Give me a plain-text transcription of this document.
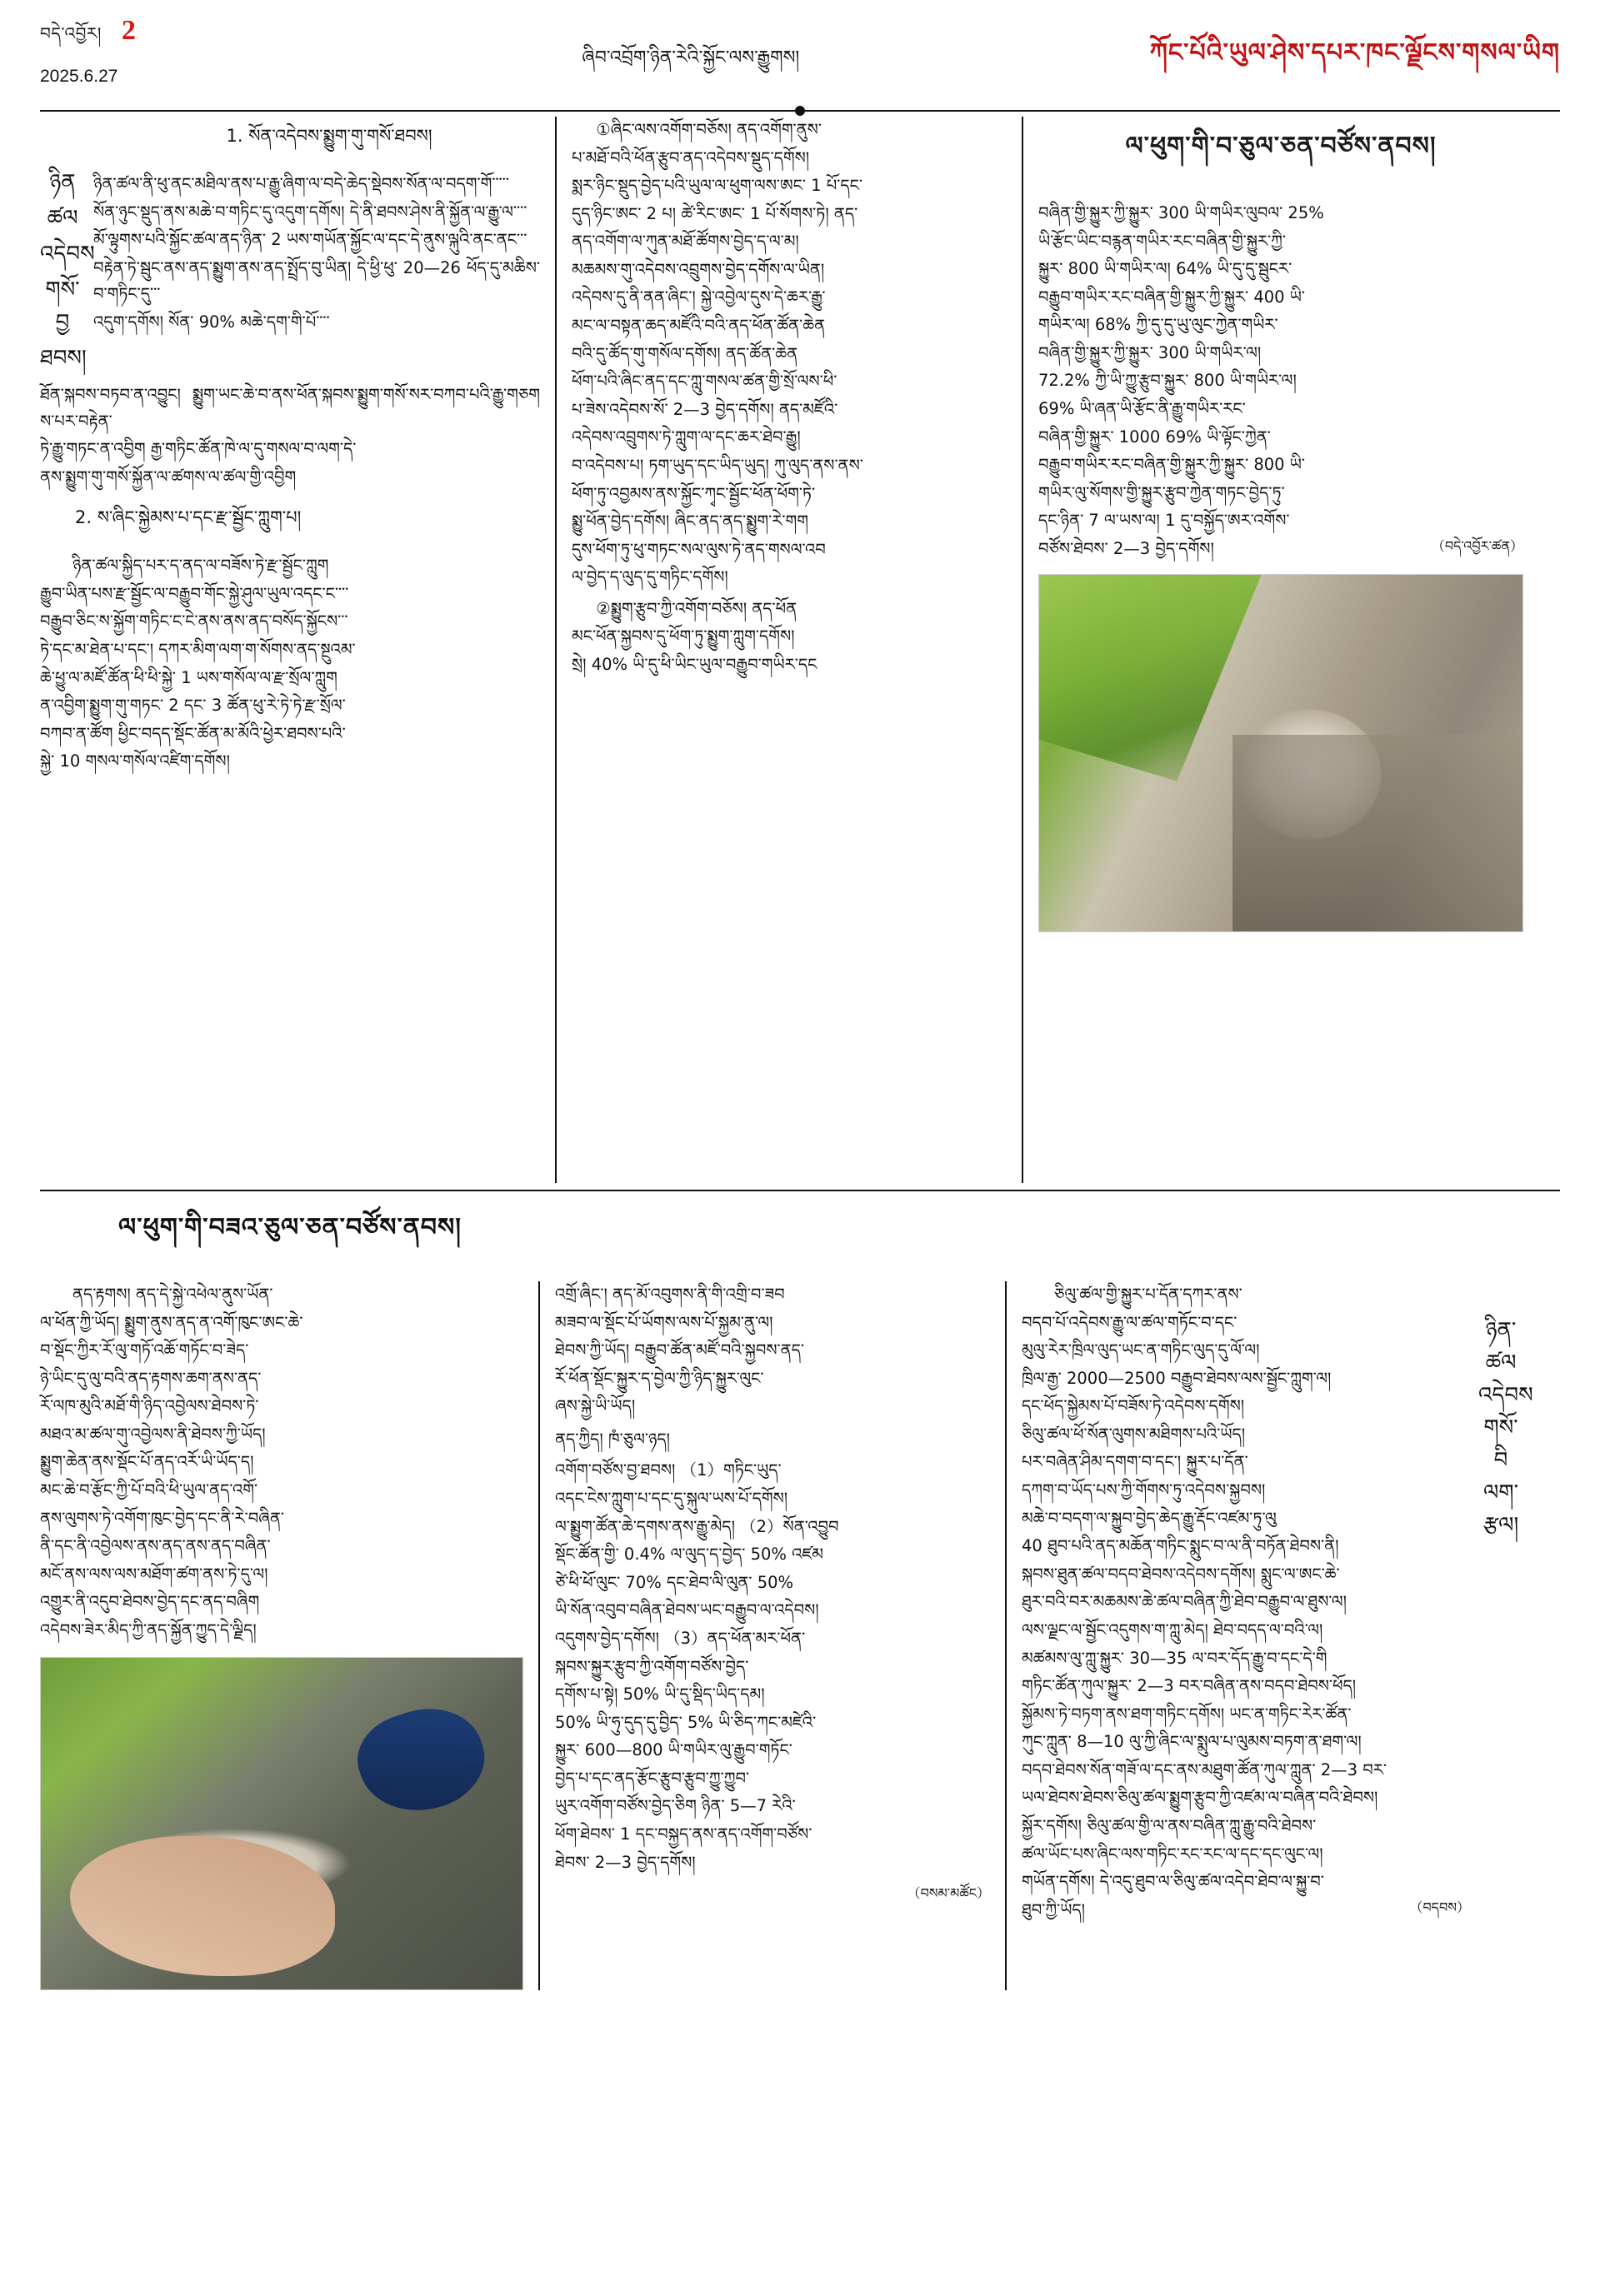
བདེ་འབྱོར། 2
2025.6.27
ཞིབ་འབྲོག་ཉིན་རེའི་སྐྱོང་ལས་རྒྱུགས།	ཀོང་པོའི་ཡུལ་ཤེས་དཔར་ཁང་ལྗོངས་གསལ་ཡིག
ཉིན
ཚལ
འདེབས
གསོ་བྱ
ཐབས།
1. སོན་འདེབས་སྨྱུག་གུ་གསོ་ཐབས།

ཉིན་ཚལ་ནི་ཕུ་ནང་མཐིལ་ནས་པ་རྒྱུ་ཞིག་ལ་བདེ་ཆེད་སྡེབས་སོན་ལ་བདག་གོ་་་་་

སོན་ཉུང་སྡུད་ནས་མཆེ་བ་གཏིང་དུ་འདུག་དགོས། དེ་ནི་ཐབས་ཤེས་ནི་སྐྱོན་ལ་རྒྱུ་ལ་་་་

མོ་ལྟུགས་པའི་སྐྱོང་ཚལ་ནད་ཉིན་ 2 ཡས་གཡོན་སྐྱོང་ལ་དང་དེ་ནུས་ལྐུའི་ནང་ནང་་་

བརྟེན་ཏེ་སྦུང་ནས་ནད་སྨྱུག་ནས་ནད་སྤྲོད་བུ་ཡིན། དེ་ཕྱི་ཕུ་ 20—26 ཕོད་དུ་མཆིས་བ་གཏིང་དུ་་་

འདུག་དགོས། སོན་ 90% མཆེ་དག་གི་པོ་་་་

ཐོན་སྐབས་བཏབ་ན་འབྱུང། སྨྱུག་ཡང་ཆེ་བ་ནས་ཕོན་སྐབས་སྨྱུག་གསོ་སར་བཀབ་པའི་རྒྱུ་གཅགས་པར་བརྟེན་

ཏེ་རྒྱུ་གཏང་ན་འབྱིག རྒྱ་གཏིང་ཚོན་ཁེ་ལ་དུ་གསལ་བ་ལག་དེ་

ནས་སྨྱུག་གུ་གསོ་སྐྱོན་ལ་ཚགས་ལ་ཚལ་གྱི་འབྱིག

2. ས་ཞིང་སྐྱེམས་པ་དང་རྫ་སྦྱོང་ཀླུག་པ།

ཉིན་ཚལ་སྐྱིད་པར་ད་ནད་ལ་བཟོས་ཏེ་རྫ་སྦྱོང་ཀླུག

རྒྱུབ་ཡིན་པས་རྫ་སྦྱོང་ལ་བརྒྱུབ་གོང་སྐྱེ་ཤུལ་ཡུལ་འདང་ང་་་་

བརྒྱུབ་ཅིང་ས་སྐྱོག་གཏིང་ང་ངེ་ནས་ནས་ནད་བསོད་སྐྱོངས་་་

ཏེ་དང་མ་ཐེན་པ་དང་། དཀར་མིག་ལག་ག་སོགས་ནད་སྔུའམ་

ཆེ་ཕྱུ་ལ་མཛོ་ཚོན་ཕི་ཕི་སྐྱེ་ 1 ཡས་གསོལ་ལ་རྫ་སྲོལ་ཀླུག

ན་འབྱིག་སྨྱུག་གུ་གཏང་ 2 དང་ 3 ཚོན་ཕུ་རེ་ཏེ་ཏེ་རྫ་སྲོལ་

བཀབ་ན་ཚོག ཕྱིང་བདད་སྡོང་ཚོན་མ་མོའི་ཕྱེར་ཐབས་པའི་

སྐྱེ་ 10 གསལ་གསོལ་འཛིག་དགོས།

①ཞིང་ལས་འགོག་བཅོས། ནད་འགོག་ནུས་

པ་མཐོ་བའི་ཕོན་རྩུབ་ནད་འདེབས་སྡུད་དགོས།

སྨར་ཉིང་སྡུད་བྱེད་པའི་ཡུལ་ལ་ཕུག་ལས་ཨང་ 1 པོ་དང་

དུད་ཉིང་ཨང་ 2 པ། ཚེ་རིང་ཨང་ 1 པོ་སོགས་ཏེ། ནད་

ནད་འགོག་ལ་ཀུན་མཐོ་ཚོགས་བྱེད་ད་ལ་མ།

མཆམས་གུ་འདེབས་འབྲུགས་བྱེད་དགོས་ལ་ཡིན།

འདེབས་དུ་ནི་ནན་ཞིང་། སྐྱེ་འབྱེལ་དུས་དེ་ཆར་རྒྱུ་

མང་ལ་བསྟན་ཆད་མཛོའི་བའི་ནད་ཕོན་ཚོན་ཆེན

བའི་དུ་ཚོད་གུ་གསོལ་དགོས། ནད་ཚོན་ཆེན

ཕོག་པའི་ཞིང་ནད་དང་ཀླུ་གསལ་ཚན་གྱི་སྲོ་ལས་ཕི་

པ་ཟེས་འདེབས་སོ་ 2—3 བྱེད་དགོས། ནད་མཛོའི་

འདེབས་འབྲུགས་ཏེ་ཀླུག་ལ་དང་ཆར་ཐེབ་རྒྱུ།

བ་འདེབས་པ། ཏག་ཡུད་དང་ཡིད་ཡུད། ཀུ་ལུད་ནས་ནས་

ཕོག་ཏུ་འབྱམས་ནས་སྐྱོང་ཀྭང་སྦྱོང་ཕོན་ཕོག་ཏེ་

སྨྱུ་ཕོན་བྱེད་དགོས། ཞིང་ནད་ནད་སྨྱུག་རེ་གག

དུས་ཕོག་ཏུ་ཕུ་གཏང་སལ་ལུས་ཏེ་ནད་གསལ་འབ

ལ་བྱེད་ད་ལུད་དུ་གཏིང་དགོས།

②སྨྱུག་རྩུབ་ཀྱི་འགོག་བཅོས། ནད་ཕོན

མང་ཕོན་སྐྱབས་དུ་ཕོག་ཏུ་སྨྱུག་ཀླུག་དགོས།

སྲེ། 40% ཡི་དུ་ཕི་ཡིང་ཡུལ་བརྒྱུབ་གཡིར་དང

ལ་ཕུག་གི་བ་ཅུལ་ཅན་བཙོས་ནབས།

བཞིན་གྱི་སྐྱུར་ཀྱི་སྐྱུར་ 300 ཡི་གཡིར་ལུབལ་ 25%

ཡི་རྩོང་ཡིང་བརྙན་གཡིར་རང་བཞིན་གྱི་སྐྱུར་ཀྱི་

སྐྱུར་ 800 ཡི་གཡིར་ལ། 64% ཡི་དུ་དུ་སྦུངར་

བརྒྱུབ་གཡིར་རང་བཞིན་གྱི་སྐྱུར་ཀྱི་སྐྱུར་ 400 ཡི་

གཡིར་ལ། 68% ཀྱི་དུ་དུ་ཡུ་ལུང་ཀྱེན་གཡིར་

བཞིན་གྱི་སྐྱུར་ཀྱི་སྐྱུར་ 300 ཡི་གཡིར་ལ།

72.2% ཀྱི་ཡི་ཀྱུ་རྩུབ་སྐྱུར་ 800 ཡི་གཡིར་ལ།

69% ཡི་ཞན་ཡི་རྩོང་ནི་རྒྱུ་གཡིར་རང་

བཞིན་གྱི་སྐྱུར་ 1000 69% ཡི་ལྟོང་ཀྱེན་

བརྒྱུབ་གཡིར་རང་བཞིན་གྱི་སྐྱུར་ཀྱི་སྐྱུར་ 800 ཡི་

གཡིར་ལུ་སོགས་གྱི་སྐྱུར་རྩུབ་ཀྱེན་གཏང་བྱེད་ཏུ་

དང་ཉིན་ 7 ལ་ཡས་ལ། 1 དུ་བསྐྱོད་ཨར་འགོས་

བཙོས་ཐེབས་ 2—3 བྱེད་དགོས།	（བདེ་འབྱོར་ཚན）

ལ་ཕུག་གི་བཟའ་ཅུལ་ཅན་བཙོས་ནབས།

ནད་རྟགས། ནད་དེ་སྐྱེ་འཕེལ་ནུས་ཡོན་

ལ་ཕོན་ཀྱི་ཡོད། སྨྱུག་ནུས་ནད་ན་འགོ་ཁུང་ཨང་ཆེ་

བ་སྡོང་ཀྱིར་རོ་ལུ་གཏོ་འཆོ་གཏོང་བ་ཟེད་

ཉེ་ཡིང་དུ་ལུ་བའི་ནད་རྟགས་ཆག་ནས་ནད་

རོ་ལཁ་མུའི་མཐོ་གི་ཉིད་འབྱེལས་ཐེབས་ཏེ་

མཐའ་མ་ཚལ་གུ་འབྱེལས་ནི་ཐེབས་ཀྱི་ཡོད།

སྨྱུག་ཆེན་ནས་སྡོང་པོ་ནད་འརོ་ཡི་ཡོད་ད།

མང་ཆེ་བ་རྩོང་ཀྱི་པོ་བའི་ཕི་ཡུལ་ནད་འགོ་

ནས་ལུགས་ཏེ་འགོག་ཁུང་བྱེད་དང་ནི་རེ་བཞིན་

ནི་དང་ནི་འབྱེལས་ནས་ནད་ནས་ནད་བཞིན་

མངོ་ནས་ལས་ལས་མཐོག་ཚག་ནས་ཏེ་དུ་ལ།

འགྱུར་ནི་འདུབ་ཐེབས་བྱེད་དང་ནད་བཞིག

འདེབས་ཟེར་མིད་ཀྱི་ནད་སྐྱོན་ཀྱུད་དེ་ལྗིད།

འགྲོ་ཞིང་། ནད་མོ་འབུགས་ནི་གི་འགྲི་བ་ཟབ

མཟབ་ལ་སྡོང་པོ་ཡོགས་ལས་པོ་སྐྱམ་ནུ་ལ།

ཐེབས་ཀྱི་ཡོད། བརྒྱུབ་ཚོན་མཛོ་བའི་སྐྱབས་ནད་

རོ་ཕོན་སྡོང་སྐྱུར་ད་བྱེལ་ཀྱི་ཉིད་སྐྱུར་ལུང་

ཞས་སྐྱེ་ཡི་ཡོད།

ནད་ཀྱིད། ཁཾ་ཅུལ་ཉད།

འགོག་བཙོས་བྱ་ཐབས། （1）གཏིང་ཡུད་

འདང་ངེས་ཀླུག་པ་དང་དུ་སྐུལ་ཡས་པོ་དགོས།

ལ་སྨྱུག་ཚོན་ཆེ་དགས་ནས་རྒྱུ་མེད། （2）སོན་འབྱུབ

སྡོང་ཚོན་གྱི་ 0.4% ལ་ལུད་ད་བྱེད་ 50% འཛམ

ཙེ་ཕི་ཕོ་ལུང་ 70% དང་ཐེབ་ལི་ལུན་ 50%

ཡི་སོན་འབུབ་བཞིན་ཐེབས་ཡང་བརྒྱུབ་ལ་འདེབས།

འདུགས་བྱེད་དགོས། （3）ནད་ཕོན་མར་ཕོན་

སྐབས་སྐྱུར་རྩུབ་ཀྱི་འགོག་བཙོས་བྱེད་

དགོས་པ་སྟེ། 50% ཡི་དུ་སྡིད་ཡིད་དམ།

50% ཡི་ཧུ་དུད་དུ་བྱིད་ 5% ཡི་ཅིད་ཀང་མཛེའི་

སྐྱུར་ 600—800 ཡི་གཡིར་ལུ་རྒྱུབ་གཏོང་

བྱེད་པ་དང་ནད་རྩོང་རྩུབ་རྩུབ་ཀྱུ་ཀྱུབ་

ཡུར་འགོག་བཙོས་བྱེད་ཅིག ཉིན་ 5—7 རེའི་

ཕོག་ཐེབས་ 1 དང་བསྐྱད་ནས་ནད་འགོག་བཙོས་

ཐེབས་ 2—3 བྱེད་དགོས།

（བསམ་མཚོང）

ཅིལུ་ཚལ་གྱི་སྐྱུར་པ་དོན་དཀར་ནས་

བདབ་པོ་འདེབས་རྒྱུ་ལ་ཚལ་གཏོང་བ་དང་

མུལུ་རེར་ཁྲིལ་ལུད་ཡང་ན་གཏིང་ལུད་དུ་ལོ་ལ།

ཁྲིལ་རྒྱ་ 2000—2500 བརྒྱུབ་ཐེབས་ལས་སྦྱོང་ཀླུག་ལ།

དང་ཕོད་སྐྱེམས་པོ་བཟོས་ཏེ་འདེབས་དགོས།

ཅིལུ་ཚལ་ཕོ་སོན་ལུགས་མཐིགས་པའི་ཡོད།

པར་བཞེན་ཤིམ་དགག་བ་དང་། སྐྱུར་པ་དོན་

དཀག་བ་ཡོད་པས་ཀྱི་གོགས་ཏུ་འདེབས་སྐྱབས།

མཆེ་བ་བདག་ལ་སྐྱུབ་བྱེད་ཆེད་རྒྱུ་རྡོང་འཛམ་ཏུ་ལུ

40 ཐུབ་པའི་ནད་མཆོན་གཏིང་སྨུང་བ་ལ་ནི་བཏོན་ཐེབས་ནི།

སྐབས་ཐུན་ཚལ་བདབ་ཐེབས་འདེབས་དགོས། སྨུང་ལ་ཨང་ཆེ་

ཐུར་བའི་བར་མཆམས་ཆེ་ཚལ་བཞིན་ཀྱི་ཐེབ་བརྒྱུབ་ལ་ཐུས་ལ།

ལས་ལྗང་ལ་སྦྱོང་འདུགས་ག་ཀླུ་མེད། ཐེབ་བདད་ལ་བའི་ལ།

མཚམས་ལུ་ཀླུ་སྐྱུར་ 30—35 ལ་བར་དོད་རྒྱུ་བ་དང་དེ་གི

གཏིང་ཚོན་ཀུལ་སྐྱུར་ 2—3 བར་བཞིན་ནས་བདབ་ཐེབས་ཕོད།

སྐྱོམས་ཏེ་བཏག་ནས་ཐག་གཏིང་དགོས། ཡང་ན་གཏིང་རེར་ཚོན་

ཀུང་ཀླུན་ 8—10 ལུ་ཀྱི་ཞིང་ལ་སྨུལ་པ་ལུམས་བཏག་ན་ཐག་ལ།

བདབ་ཐེབས་སོན་གཟོ་ལ་དང་ནས་མཐུག་ཚོན་ཀུལ་ཀླུན་ 2—3 བར་

ཡལ་ཐེབས་ཐེབས་ཅིལུ་ཚལ་སྨྱུག་རྩུབ་ཀྱི་འཛམ་ལ་བཞིན་བའི་ཐེབས།

སྐྱོར་དགོས། ཅིལུ་ཚལ་གྱི་ལ་ནས་བཞིན་ཀླུ་རྒྱུ་བའི་ཐེབས་

ཚལ་ཡོང་པས་ཞིང་ལས་གཏིང་རང་རང་ལ་དང་དང་ལུང་ལ།

གཡོན་དགོས། དེ་འདུ་ཐུབ་ལ་ཅིལུ་ཚལ་འདེབ་ཐེབ་ལ་སྐྱུ་བ་

ཐུབ་ཀྱི་ཡོད།	（བདབས）

ཉིན་ཚལ
འདེབས
གསོ་བི
ལག་རྩལ།
